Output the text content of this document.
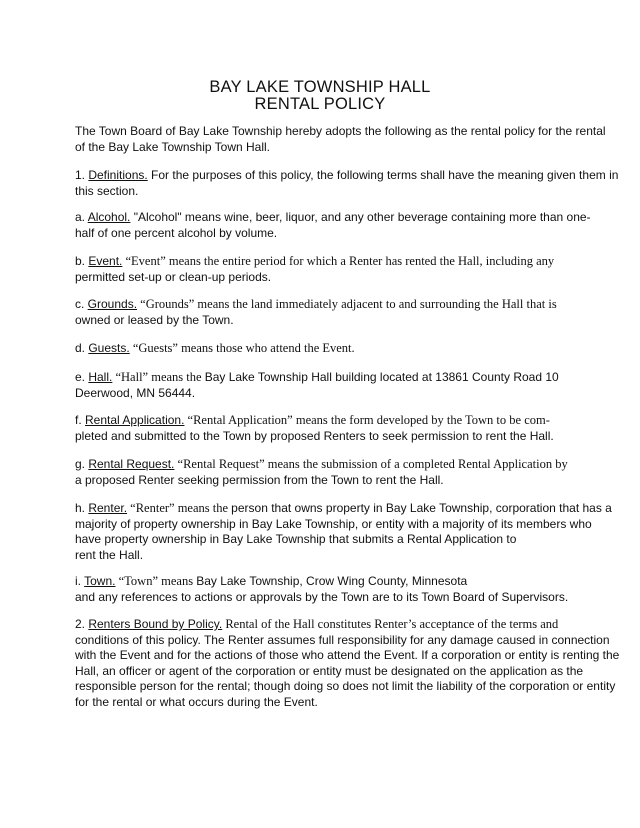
BAY LAKE TOWNSHIP HALL
RENTAL POLICY
The Town Board of Bay Lake Township hereby adopts the following as the rental policy for the rental
of the Bay Lake Township Town Hall.
1. Definitions. For the purposes of this policy, the following terms shall have the meaning given them in
this section.
a. Alcohol. "Alcohol" means wine, beer, liquor, and any other beverage containing more than one-
half of one percent alcohol by volume.
b. Event. “Event” means the entire period for which a Renter has rented the Hall, including any
permitted set-up or clean-up periods.
c. Grounds. “Grounds” means the land immediately adjacent to and surrounding the Hall that is
owned or leased by the Town.
d. Guests. “Guests” means those who attend the Event.
e. Hall. “Hall” means the Bay Lake Township Hall building located at 13861 County Road 10
Deerwood, MN 56444.
f. Rental Application. “Rental Application” means the form developed by the Town to be com-
pleted and submitted to the Town by proposed Renters to seek permission to rent the Hall.
g. Rental Request. “Rental Request” means the submission of a completed Rental Application by
a proposed Renter seeking permission from the Town to rent the Hall.
h. Renter. “Renter” means the person that owns property in Bay Lake Township, corporation that has a
majority of property ownership in Bay Lake Township, or entity with a majority of its members who
have property ownership in Bay Lake Township that submits a Rental Application to
rent the Hall.
i. Town. “Town” means Bay Lake Township, Crow Wing County, Minnesota
and any references to actions or approvals by the Town are to its Town Board of Supervisors.
2. Renters Bound by Policy. Rental of the Hall constitutes Renter’s acceptance of the terms and
conditions of this policy. The Renter assumes full responsibility for any damage caused in connection
with the Event and for the actions of those who attend the Event. If a corporation or entity is renting the
Hall, an officer or agent of the corporation or entity must be designated on the application as the
responsible person for the rental; though doing so does not limit the liability of the corporation or entity
for the rental or what occurs during the Event.
